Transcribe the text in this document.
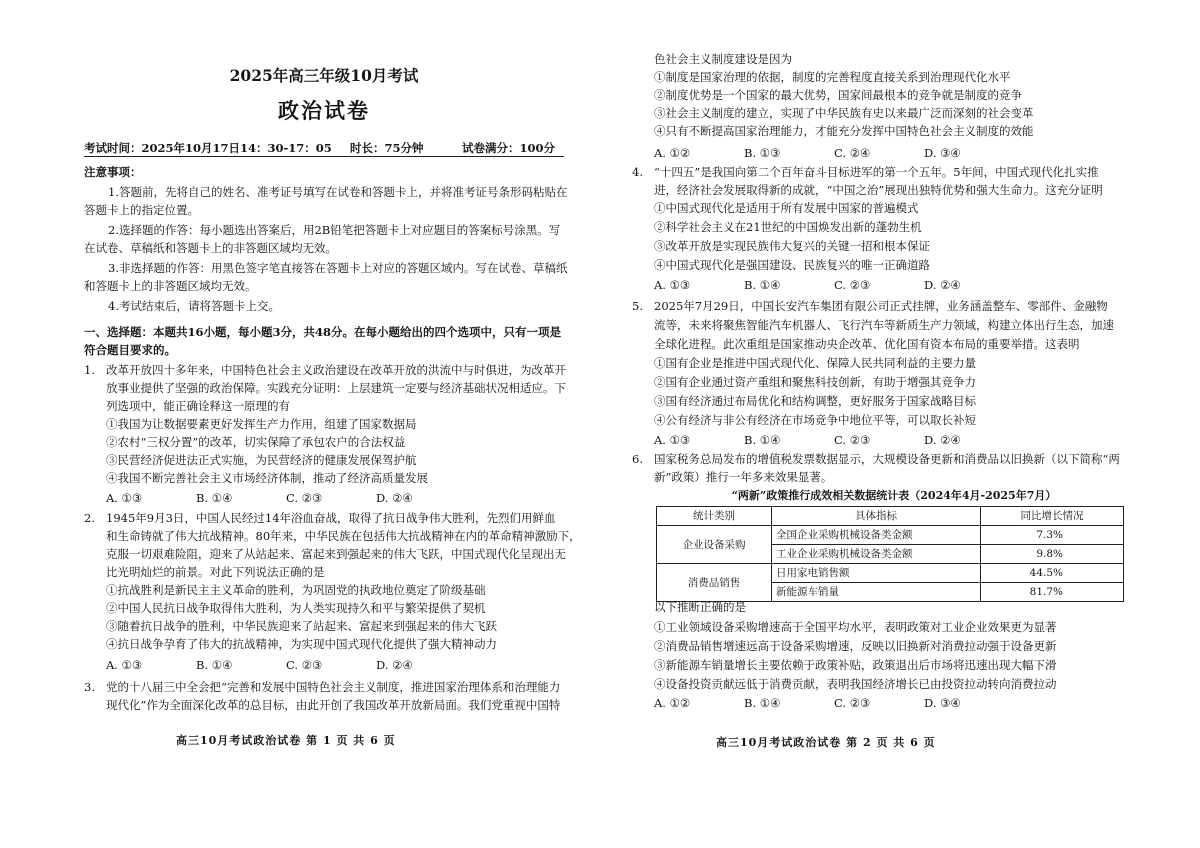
2025年高三年级10月考试
政治试卷
考试时间：2025年10月17日14：30-17：05 时长：75分钟	试卷满分：100分
注意事项：
1.答题前，先将自己的姓名、准考证号填写在试卷和答题卡上，并将准考证号条形码粘贴在
答题卡上的指定位置。
2.选择题的作答：每小题选出答案后，用2B铅笔把答题卡上对应题目的答案标号涂黑。写
在试卷、草稿纸和答题卡上的非答题区域均无效。
3.非选择题的作答：用黑色签字笔直接答在答题卡上对应的答题区域内。写在试卷、草稿纸
和答题卡上的非答题区域均无效。
4.考试结束后，请将答题卡上交。
一、选择题：本题共16小题，每小题3分，共48分。在每小题给出的四个选项中，只有一项是
符合题目要求的。
1. 改革开放四十多年来，中国特色社会主义政治建设在改革开放的洪流中与时俱进，为改革开
放事业提供了坚强的政治保障。实践充分证明：上层建筑一定要与经济基础状况相适应。下
列选项中，能正确诠释这一原理的有
①我国为让数据要素更好发挥生产力作用，组建了国家数据局
②农村“三权分置”的改革，切实保障了承包农户的合法权益
③民营经济促进法正式实施，为民营经济的健康发展保驾护航
④我国不断完善社会主义市场经济体制，推动了经济高质量发展
A. ①③	B. ①④	C. ②③	D. ②④
2. 1945年9月3日，中国人民经过14年浴血奋战，取得了抗日战争伟大胜利，先烈们用鲜血
和生命铸就了伟大抗战精神。80年来，中华民族在包括伟大抗战精神在内的革命精神激励下，
克服一切艰难险阻，迎来了从站起来、富起来到强起来的伟大飞跃，中国式现代化呈现出无
比光明灿烂的前景。对此下列说法正确的是
①抗战胜利是新民主主义革命的胜利，为巩固党的执政地位奠定了阶级基础
②中国人民抗日战争取得伟大胜利，为人类实现持久和平与繁荣提供了契机
③随着抗日战争的胜利，中华民族迎来了站起来、富起来到强起来的伟大飞跃
④抗日战争孕育了伟大的抗战精神，为实现中国式现代化提供了强大精神动力
A. ①③	B. ①④	C. ②③	D. ②④
3. 党的十八届三中全会把“完善和发展中国特色社会主义制度，推进国家治理体系和治理能力
现代化”作为全面深化改革的总目标，由此开创了我国改革开放新局面。我们党重视中国特
高三10月考试政治试卷 第 1 页 共 6 页
色社会主义制度建设是因为
①制度是国家治理的依据，制度的完善程度直接关系到治理现代化水平
②制度优势是一个国家的最大优势，国家间最根本的竞争就是制度的竞争
③社会主义制度的建立，实现了中华民族有史以来最广泛而深刻的社会变革
④只有不断提高国家治理能力，才能充分发挥中国特色社会主义制度的效能
A. ①②	B. ①③	C. ②④	D. ③④
4. “十四五”是我国向第二个百年奋斗目标进军的第一个五年。5年间，中国式现代化扎实推
进，经济社会发展取得新的成就，“中国之治”展现出独特优势和强大生命力。这充分证明
①中国式现代化是适用于所有发展中国家的普遍模式
②科学社会主义在21世纪的中国焕发出新的蓬勃生机
③改革开放是实现民族伟大复兴的关键一招和根本保证
④中国式现代化是强国建设、民族复兴的唯一正确道路
A. ①③	B. ①④	C. ②③	D. ②④
5. 2025年7月29日，中国长安汽车集团有限公司正式挂牌，业务涵盖整车、零部件、金融物
流等，未来将聚焦智能汽车机器人、飞行汽车等新质生产力领域，构建立体出行生态，加速
全球化进程。此次重组是国家推动央企改革、优化国有资本布局的重要举措。这表明
①国有企业是推进中国式现代化、保障人民共同利益的主要力量
②国有企业通过资产重组和聚焦科技创新，有助于增强其竞争力
③国有经济通过布局优化和结构调整，更好服务于国家战略目标
④公有经济与非公有经济在市场竞争中地位平等，可以取长补短
A. ①③	B. ①④	C. ②③	D. ②④
6. 国家税务总局发布的增值税发票数据显示，大规模设备更新和消费品以旧换新（以下简称“两
新”政策）推行一年多来效果显著。
“两新”政策推行成效相关数据统计表（2024年4月-2025年7月）
统计类别	具体指标	同比增长情况
企业设备采购	全国企业采购机械设备类金额	7.3%
	工业企业采购机械设备类金额	9.8%
消费品销售	日用家电销售额	44.5%
	新能源车销量	81.7%
以下推断正确的是
①工业领域设备采购增速高于全国平均水平，表明政策对工业企业效果更为显著
②消费品销售增速远高于设备采购增速，反映以旧换新对消费拉动强于设备更新
③新能源车销量增长主要依赖于政策补贴，政策退出后市场将迅速出现大幅下滑
④设备投资贡献远低于消费贡献，表明我国经济增长已由投资拉动转向消费拉动
A. ①②	B. ①④	C. ②③	D. ③④
高三10月考试政治试卷 第 2 页 共 6 页
